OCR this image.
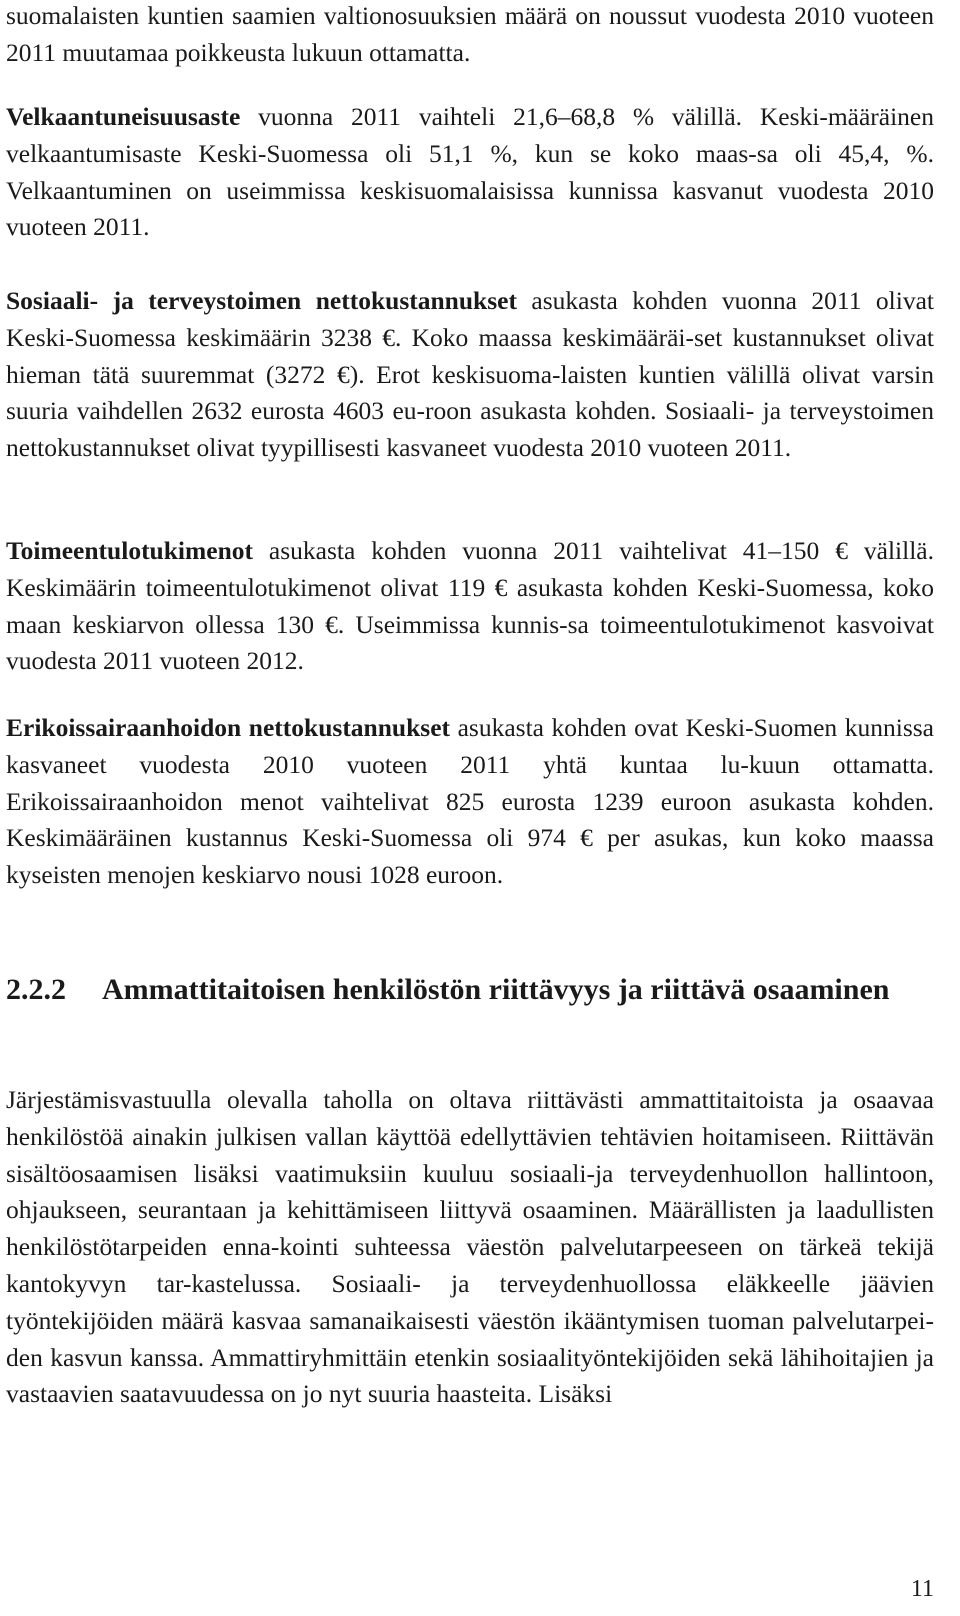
suomalaisten kuntien saamien valtionosuuksien määrä on noussut vuodesta 2010 vuoteen 2011 muutamaa poikkeusta lukuun ottamatta.

Velkaantuneisuusaste vuonna 2011 vaihteli 21,6–68,8 % välillä. Keski-määräinen velkaantumisaste Keski-Suomessa oli 51,1 %, kun se koko maas-sa oli 45,4, %. Velkaantuminen on useimmissa keskisuomalaisissa kunnissa kasvanut vuodesta 2010 vuoteen 2011.

Sosiaali- ja terveystoimen nettokustannukset asukasta kohden vuonna 2011 olivat Keski-Suomessa keskimäärin 3238 €. Koko maassa keskimääräi-set kustannukset olivat hieman tätä suuremmat (3272 €). Erot keskisuoma-laisten kuntien välillä olivat varsin suuria vaihdellen 2632 eurosta 4603 eu-roon asukasta kohden. Sosiaali- ja terveystoimen nettokustannukset olivat tyypillisesti kasvaneet vuodesta 2010 vuoteen 2011.

Toimeentulotukimenot asukasta kohden vuonna 2011 vaihtelivat 41–150 € välillä. Keskimäärin toimeentulotukimenot olivat 119 € asukasta kohden Keski-Suomessa, koko maan keskiarvon ollessa 130 €. Useimmissa kunnis-sa toimeentulotukimenot kasvoivat vuodesta 2011 vuoteen 2012.

Erikoissairaanhoidon nettokustannukset asukasta kohden ovat Keski-Suomen kunnissa kasvaneet vuodesta 2010 vuoteen 2011 yhtä kuntaa lu-kuun ottamatta. Erikoissairaanhoidon menot vaihtelivat 825 eurosta 1239 euroon asukasta kohden. Keskimääräinen kustannus Keski-Suomessa oli 974 € per asukas, kun koko maassa kyseisten menojen keskiarvo nousi 1028 euroon.

2.2.2 Ammattitaitoisen henkilöstön riittävyys ja riittävä osaaminen

Järjestämisvastuulla olevalla taholla on oltava riittävästi ammattitaitoista ja osaavaa henkilöstöä ainakin julkisen vallan käyttöä edellyttävien tehtävien hoitamiseen. Riittävän sisältöosaamisen lisäksi vaatimuksiin kuuluu sosiaali-ja terveydenhuollon hallintoon, ohjaukseen, seurantaan ja kehittämiseen liittyvä osaaminen. Määrällisten ja laadullisten henkilöstötarpeiden enna-kointi suhteessa väestön palvelutarpeeseen on tärkeä tekijä kantokyvyn tar-kastelussa. Sosiaali- ja terveydenhuollossa eläkkeelle jäävien työntekijöiden määrä kasvaa samanaikaisesti väestön ikääntymisen tuoman palvelutarpei-den kasvun kanssa. Ammattiryhmittäin etenkin sosiaalityöntekijöiden sekä lähihoitajien ja vastaavien saatavuudessa on jo nyt suuria haasteita. Lisäksi

11
